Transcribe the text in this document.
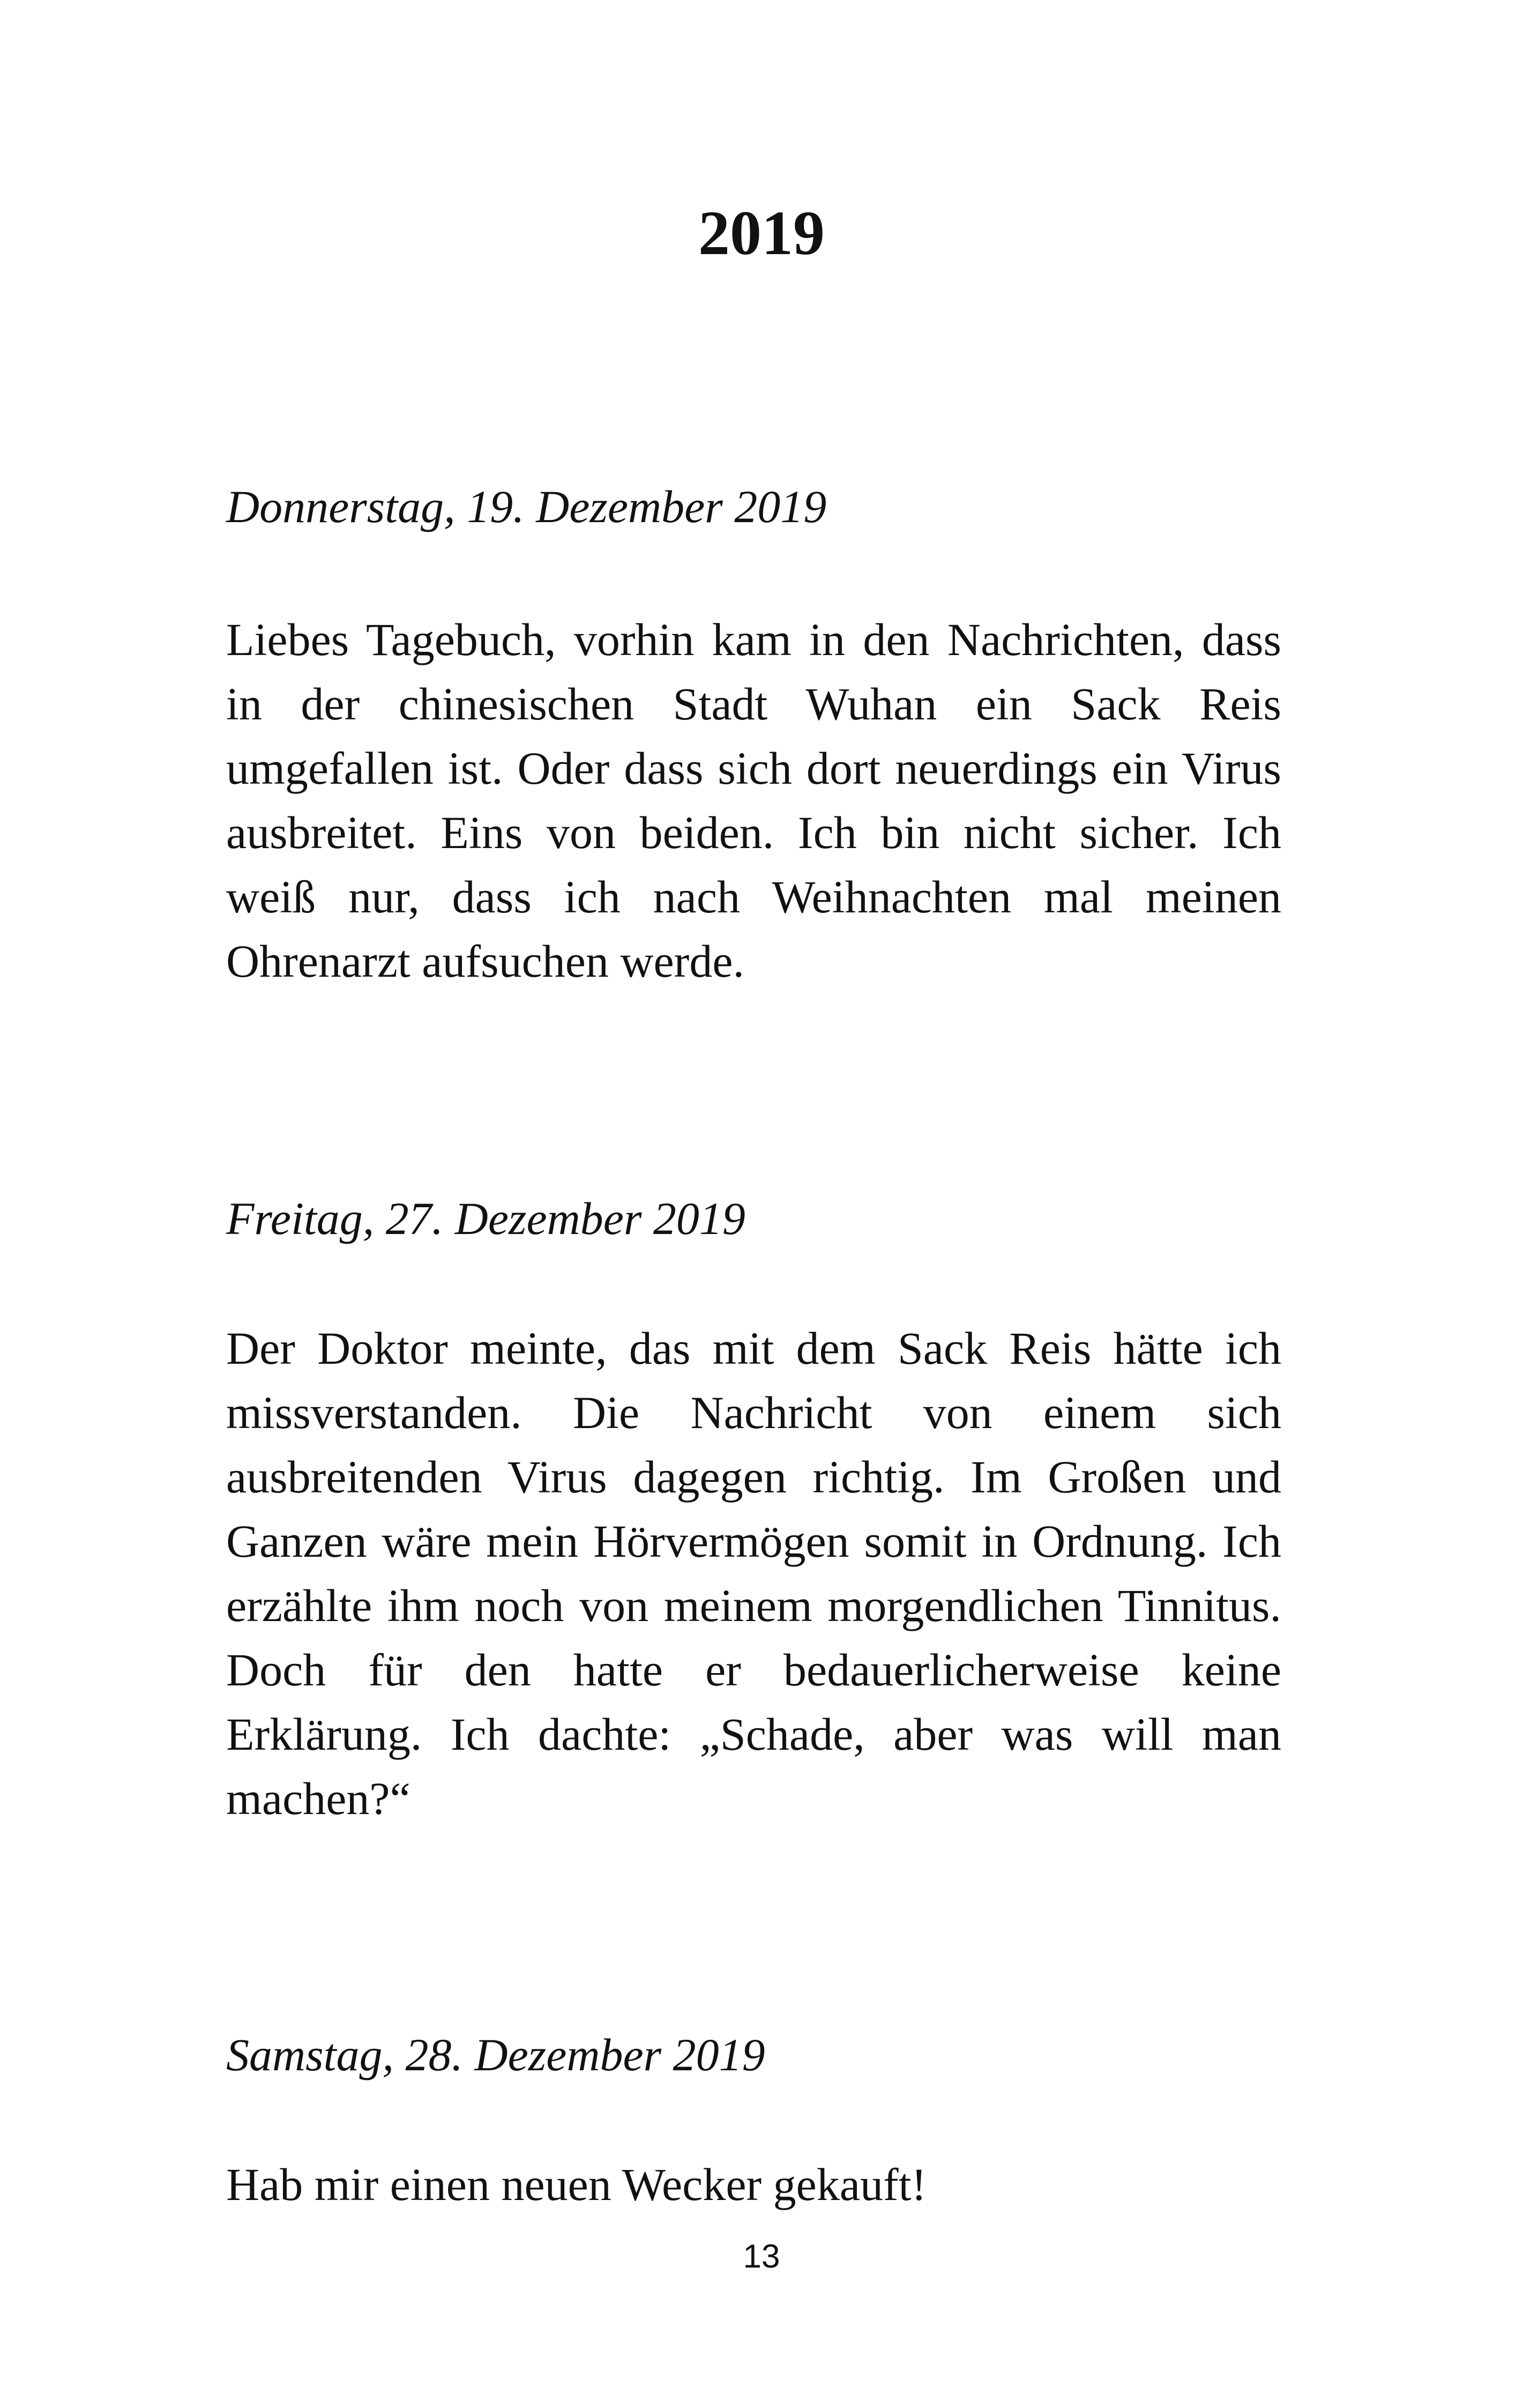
2019

Donnerstag, 19. Dezember 2019

Liebes Tagebuch, vorhin kam in den Nachrichten, dass in der chinesischen Stadt Wuhan ein Sack Reis umgefallen ist. Oder dass sich dort neuerdings ein Virus ausbreitet. Eins von beiden. Ich bin nicht sicher. Ich weiß nur, dass ich nach Weihnachten mal meinen Ohrenarzt aufsuchen werde.

Freitag, 27. Dezember 2019

Der Doktor meinte, das mit dem Sack Reis hätte ich missverstanden. Die Nachricht von einem sich ausbreitenden Virus dagegen richtig. Im Großen und Ganzen wäre mein Hörvermögen somit in Ordnung. Ich erzählte ihm noch von meinem morgendlichen Tinnitus. Doch für den hatte er bedauerlicherweise keine Erklärung. Ich dachte: „Schade, aber was will man machen?“

Samstag, 28. Dezember 2019

Hab mir einen neuen Wecker gekauft!

13
